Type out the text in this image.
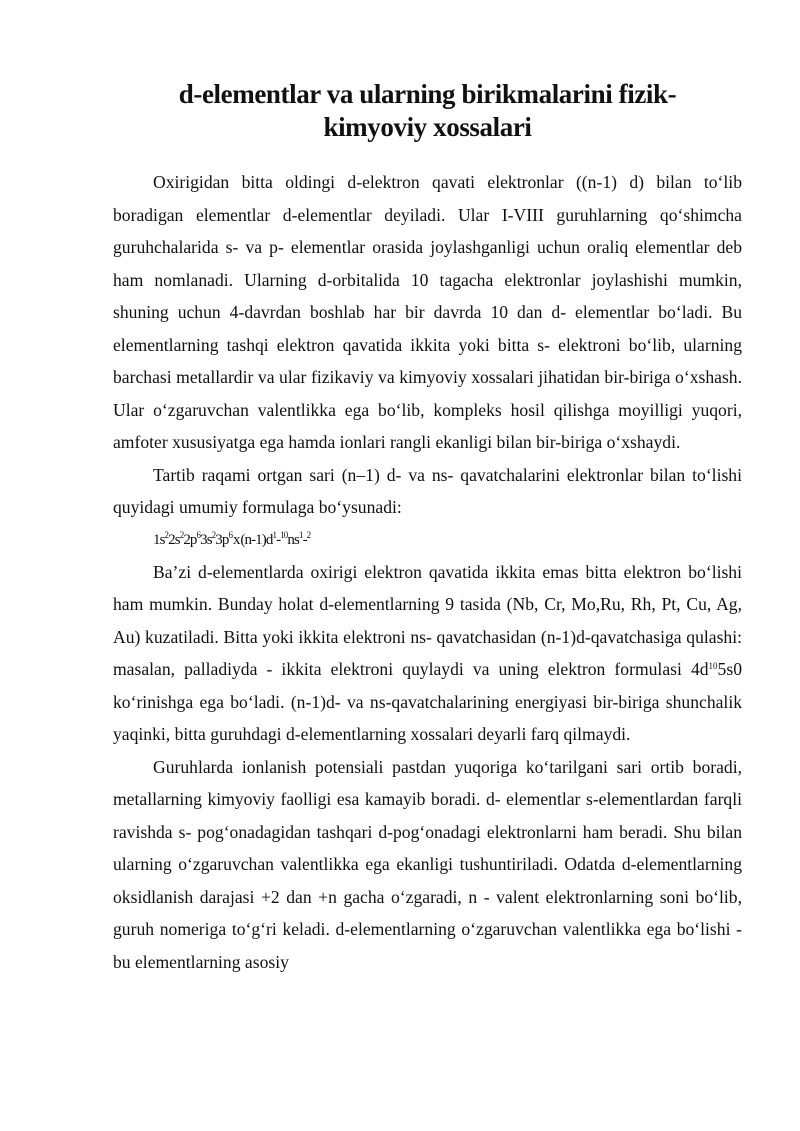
d-elementlar va ularning birikmalarini fizik-
kimyoviy xossalari

Oxirigidan bitta oldingi d-elektron qavati elektronlar ((n-1) d) bilan to‘lib boradigan elementlar d-elementlar deyiladi. Ular I-VIII guruhlarning qo‘shimcha guruhchalarida s- va p- elementlar orasida joylashganligi uchun oraliq elementlar deb ham nomlanadi. Ularning d-orbitalida 10 tagacha elektronlar joylashishi mumkin, shuning uchun 4-davrdan boshlab har bir davrda 10 dan d- elementlar bo‘ladi. Bu elementlarning tashqi elektron qavatida ikkita yoki bitta s- elektroni bo‘lib, ularning barchasi metallardir va ular fizikaviy va kimyoviy xossalari jihatidan bir-biriga o‘xshash. Ular o‘zgaruvchan valentlikka ega bo‘lib, kompleks hosil qilishga moyilligi yuqori, amfoter xususiyatga ega hamda ionlari rangli ekanligi bilan bir-biriga o‘xshaydi.

Tartib raqami ortgan sari (n–1) d- va ns- qavatchalarini elektronlar bilan to‘lishi quyidagi umumiy formulaga bo‘ysunadi:

$1s^22s^22p^63s^23p^6$ x $(n-1)d^1-^{10}ns^1-^2$

Ba’zi d-elementlarda oxirigi elektron qavatida ikkita emas bitta elektron bo‘lishi ham mumkin. Bunday holat d-elementlarning 9 tasida (Nb, Cr, Mo,Ru, Rh, Pt, Cu, Ag, Au) kuzatiladi. Bitta yoki ikkita elektroni ns- qavatchasidan (n-1)d-qavatchasiga qulashi: masalan, palladiyda - ikkita elektroni quylaydi va uning elektron formulasi $4d^{10}5s0$ ko‘rinishga ega bo‘ladi. (n-1)d- va ns-qavatchalarining energiyasi bir-biriga shunchalik yaqinki, bitta guruhdagi d-elementlarning xossalari deyarli farq qilmaydi.

Guruhlarda ionlanish potensiali pastdan yuqoriga ko‘tarilgani sari ortib boradi, metallarning kimyoviy faolligi esa kamayib boradi. d- elementlar s-elementlardan farqli ravishda s- pog‘onadagidan tashqari d-pog‘onadagi elektronlarni ham beradi. Shu bilan ularning o‘zgaruvchan valentlikka ega ekanligi tushuntiriladi. Odatda d-elementlarning oksidlanish darajasi +2 dan +n gacha o‘zgaradi, n - valent elektronlarning soni bo‘lib, guruh nomeriga to‘g‘ri keladi. d-elementlarning o‘zgaruvchan valentlikka ega bo‘lishi - bu elementlarning asosiy
